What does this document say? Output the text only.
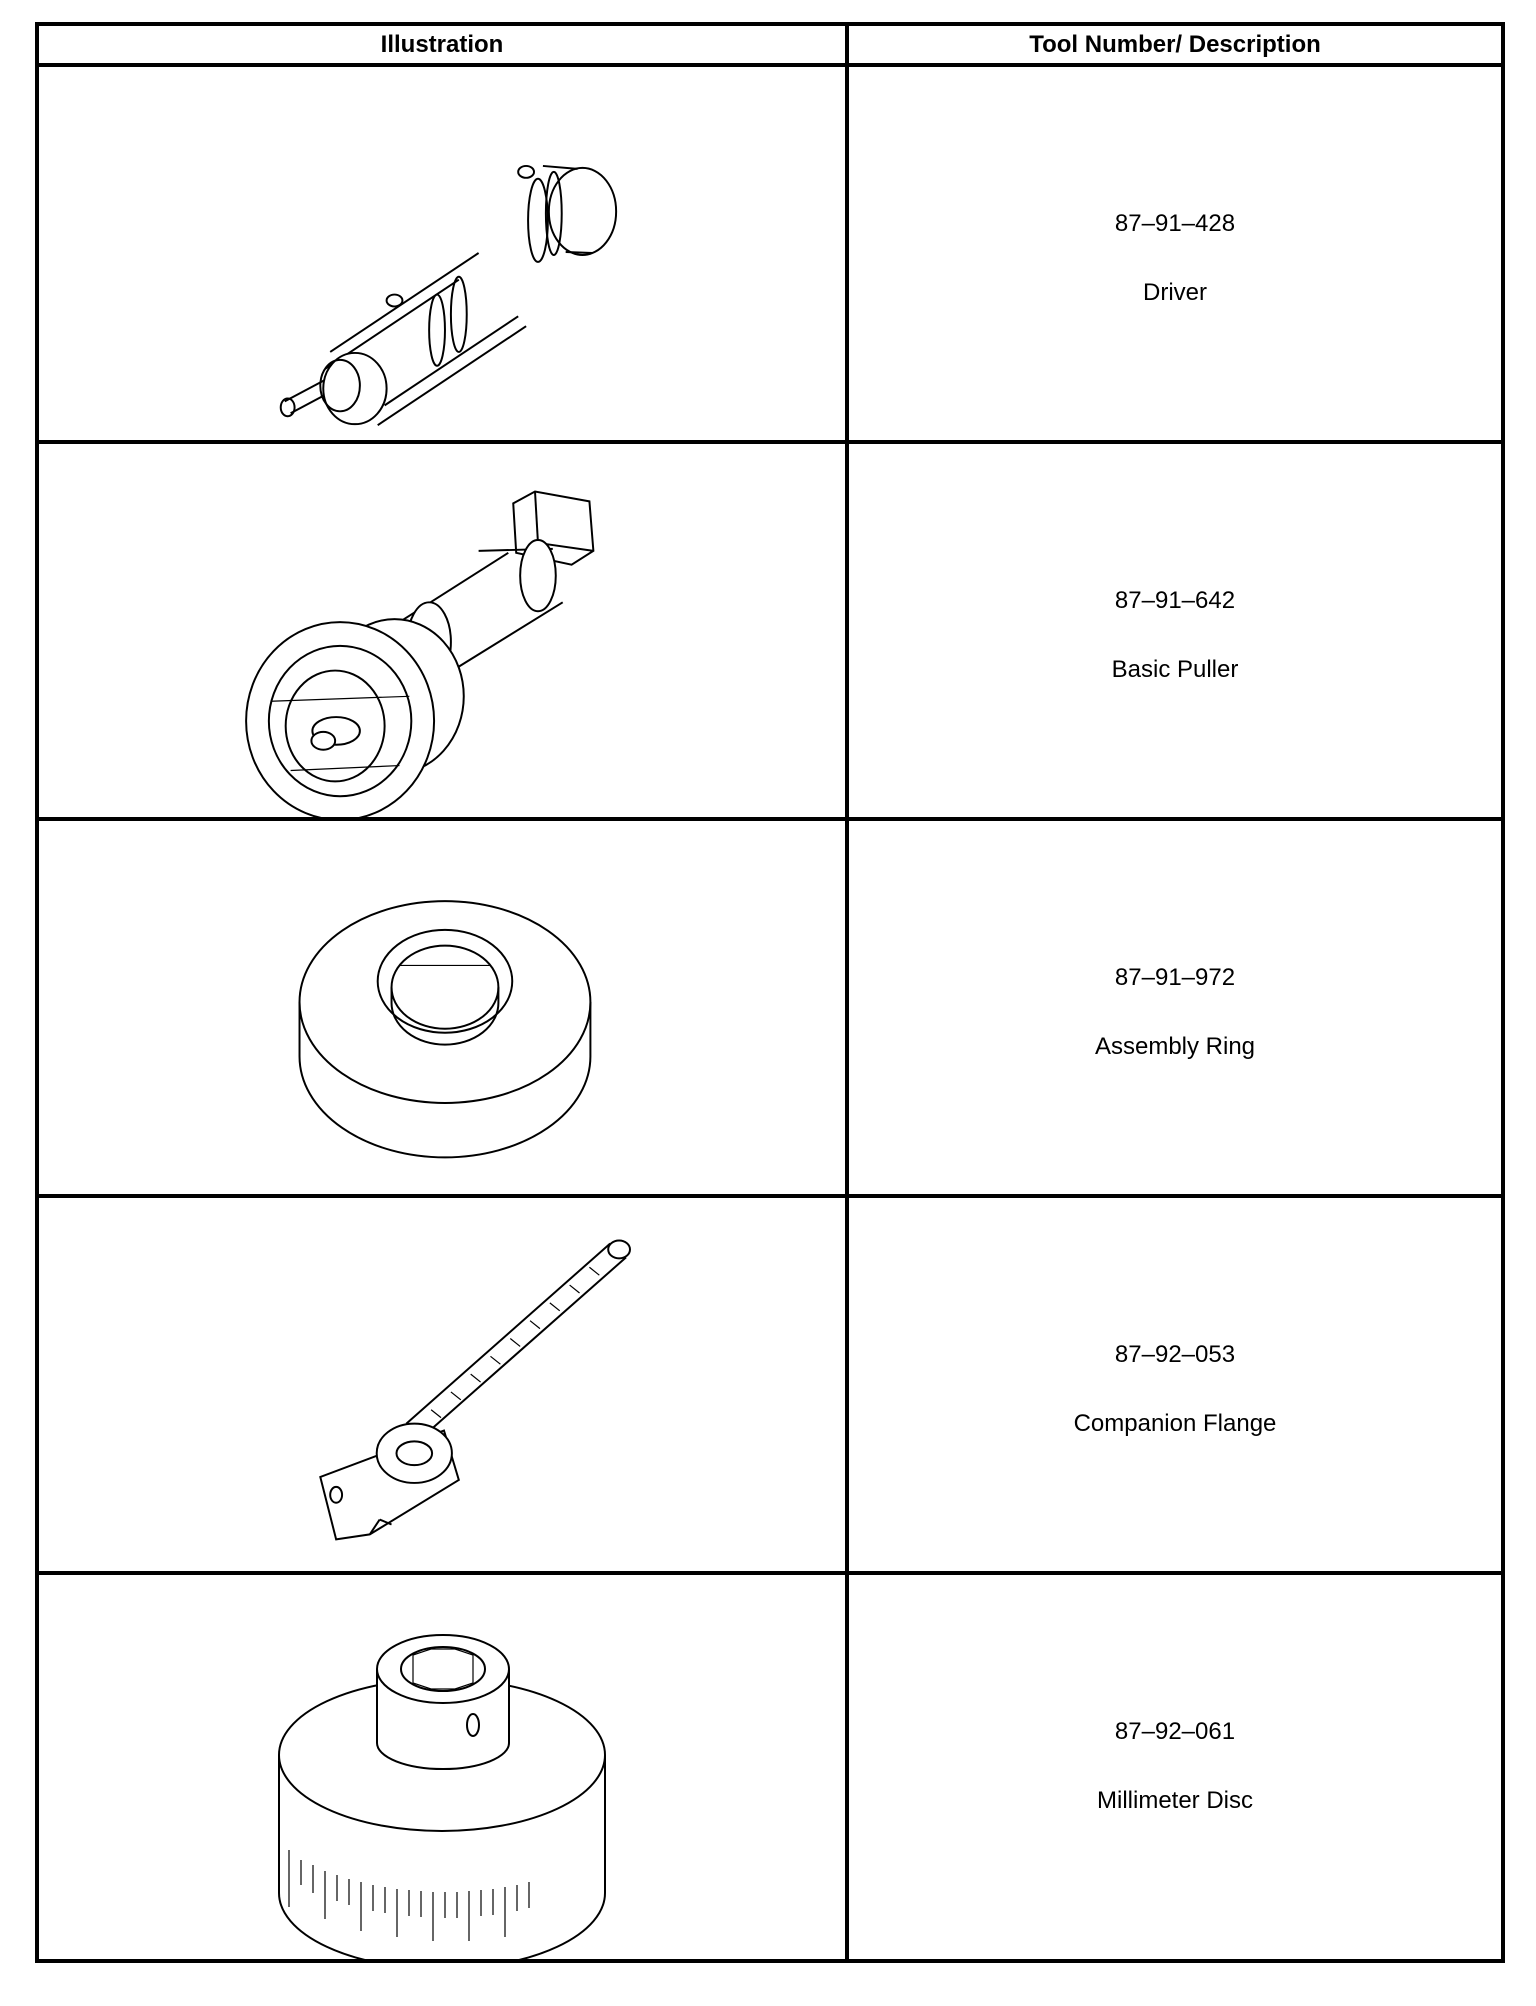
Illustration	Tool Number/ Description
87–91–428
Driver
87–91–642
Basic Puller
87–91–972
Assembly Ring
87–92–053
Companion Flange
87–92–061
Millimeter Disc
